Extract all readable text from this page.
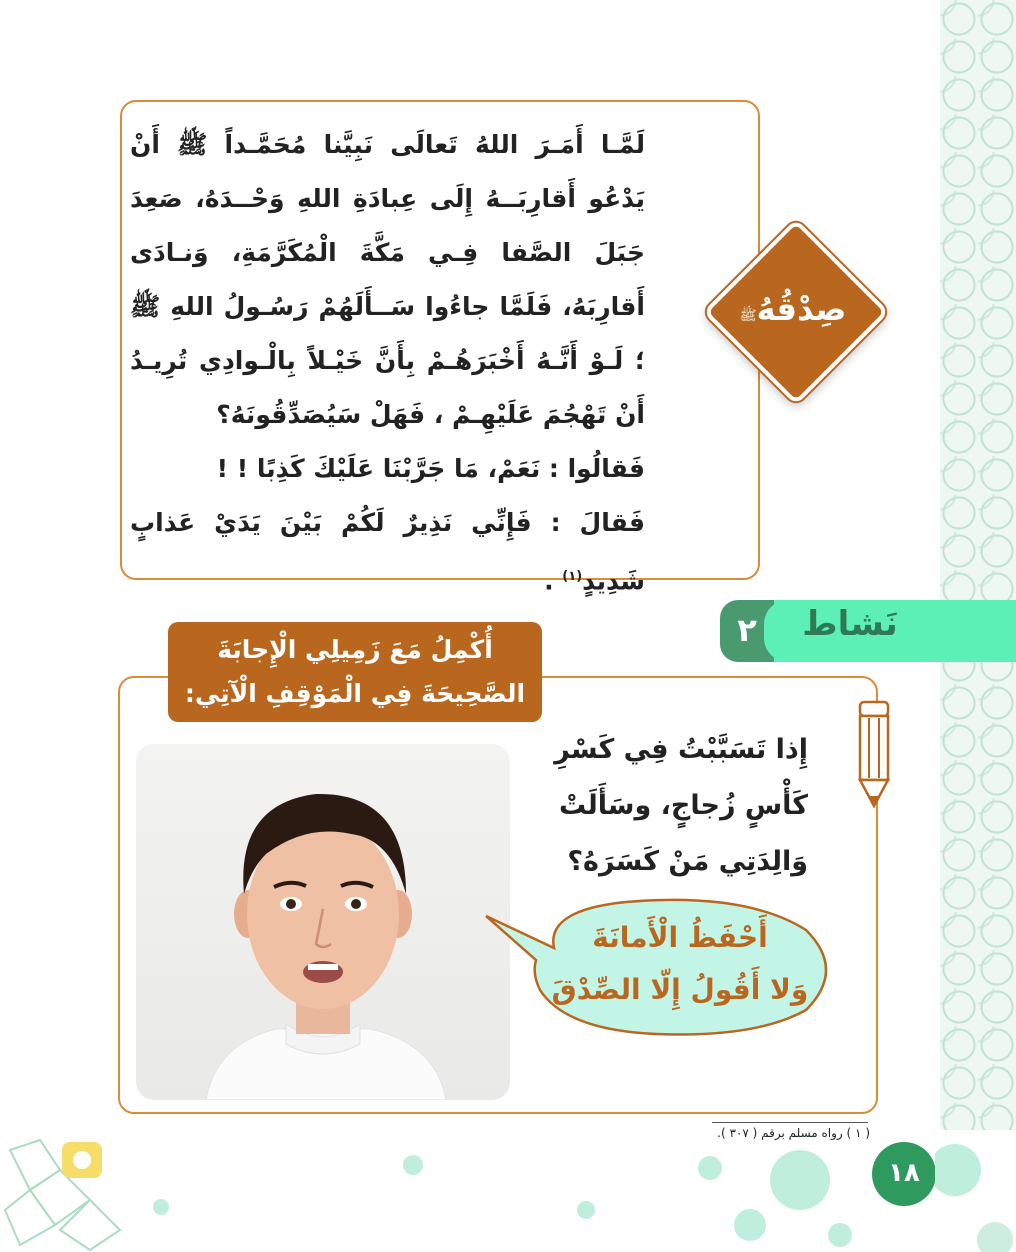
لَمَّـا أَمَـرَ اللهُ تَعالَى نَبِيَّنا مُحَمَّـداً ﷺ أَنْ يَدْعُو أَقارِبَــهُ إِلَى عِبادَةِ اللهِ وَحْــدَهُ، صَعِدَ جَبَلَ الصَّفا فِـي مَكَّةَ الْمُكَرَّمَةِ، وَنـادَى أَقارِبَهُ، فَلَمَّا جاءُوا سَــأَلَهُمْ رَسُـولُ اللهِ ﷺ ؛ لَـوْ أَنَّـهُ أَخْبَرَهُـمْ بِأَنَّ خَيْـلاً بِالْـوادِي تُرِيـدُ أَنْ تَهْجُمَ عَلَيْهِـمْ ، فَهَلْ سَيُصَدِّقُونَهُ؟

فَقالُوا : نَعَمْ، مَا جَرَّبْنَا عَلَيْكَ كَذِبًا ! !

فَقالَ : فَإِنِّي نَذِيرٌ لَكُمْ بَيْنَ يَدَيْ عَذابٍ شَدِيدٍ$^{(١)}$ .

صِدْقُهُﷺ
٢	نَشاط
أُكْمِلُ مَعَ زَمِيلِي الْإِجابَةَ
الصَّحِيحَةَ فِي الْمَوْقِفِ الْآتِي:
إِذا تَسَبَّبْتُ فِي كَسْرِ كَأْسٍ زُجاجٍ، وسَأَلَتْ وَالِدَتِي مَنْ كَسَرَهُ؟
أَحْفَظُ الْأَمانَةَ
وَلا أَقُولُ إِلّا الصِّدْقَ
( ١ ) رواه مسلم برقم ( ٣٠٧ ).
١٨
